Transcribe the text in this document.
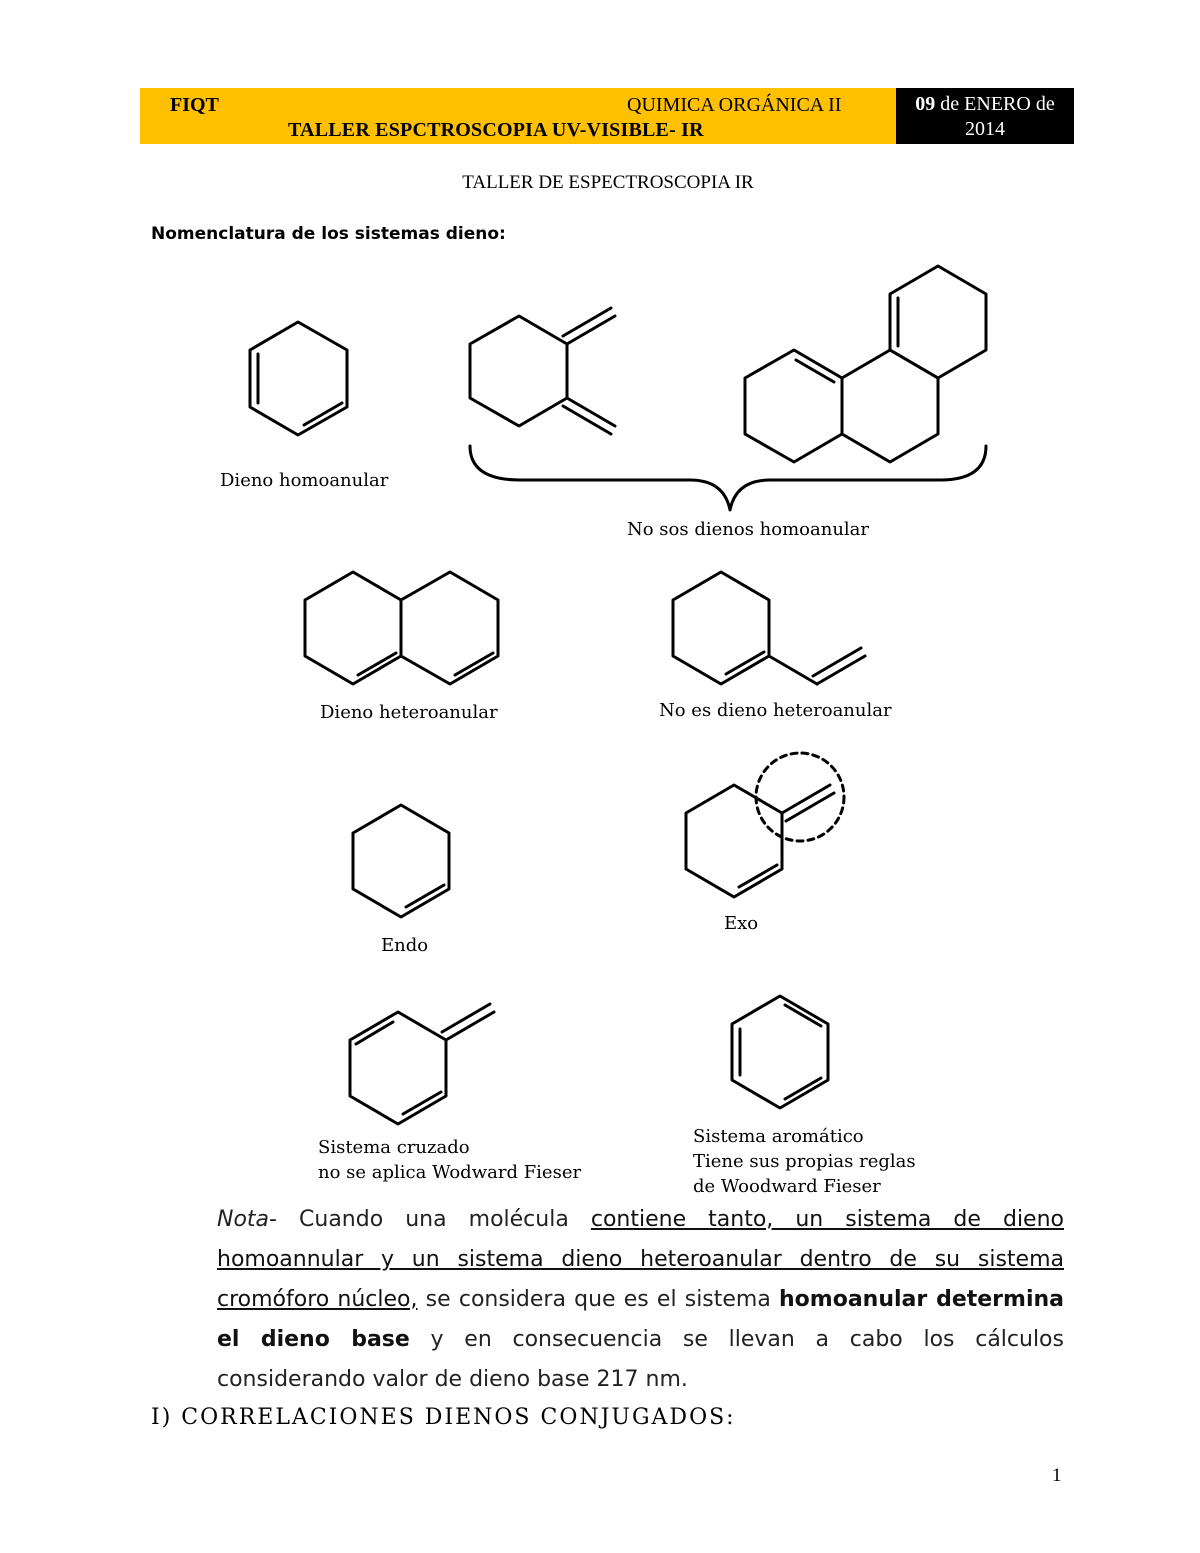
FIQT	QUIMICA ORGÁNICA II
TALLER ESPCTROSCOPIA UV-VISIBLE- IR
09 de ENERO de
2014
TALLER DE ESPECTROSCOPIA IR
Nomenclatura de los sistemas dieno:
Dieno homoanular
No sos dienos homoanular
Dieno heteroanular	No es dieno heteroanular
Endo
Exo
Sistema cruzado
no se aplica Wodward Fieser
Sistema aromático
Tiene sus propias reglas
de Woodward Fieser
Nota- Cuando una molécula contiene tanto, un sistema de dieno homoannular y un sistema dieno heteroanular dentro de su sistema cromóforo núcleo, se considera que es el sistema homoanular determina el dieno base y en consecuencia se llevan a cabo los cálculos considerando valor de dieno base 217 nm.
I) CORRELACIONES DIENOS CONJUGADOS:
1
